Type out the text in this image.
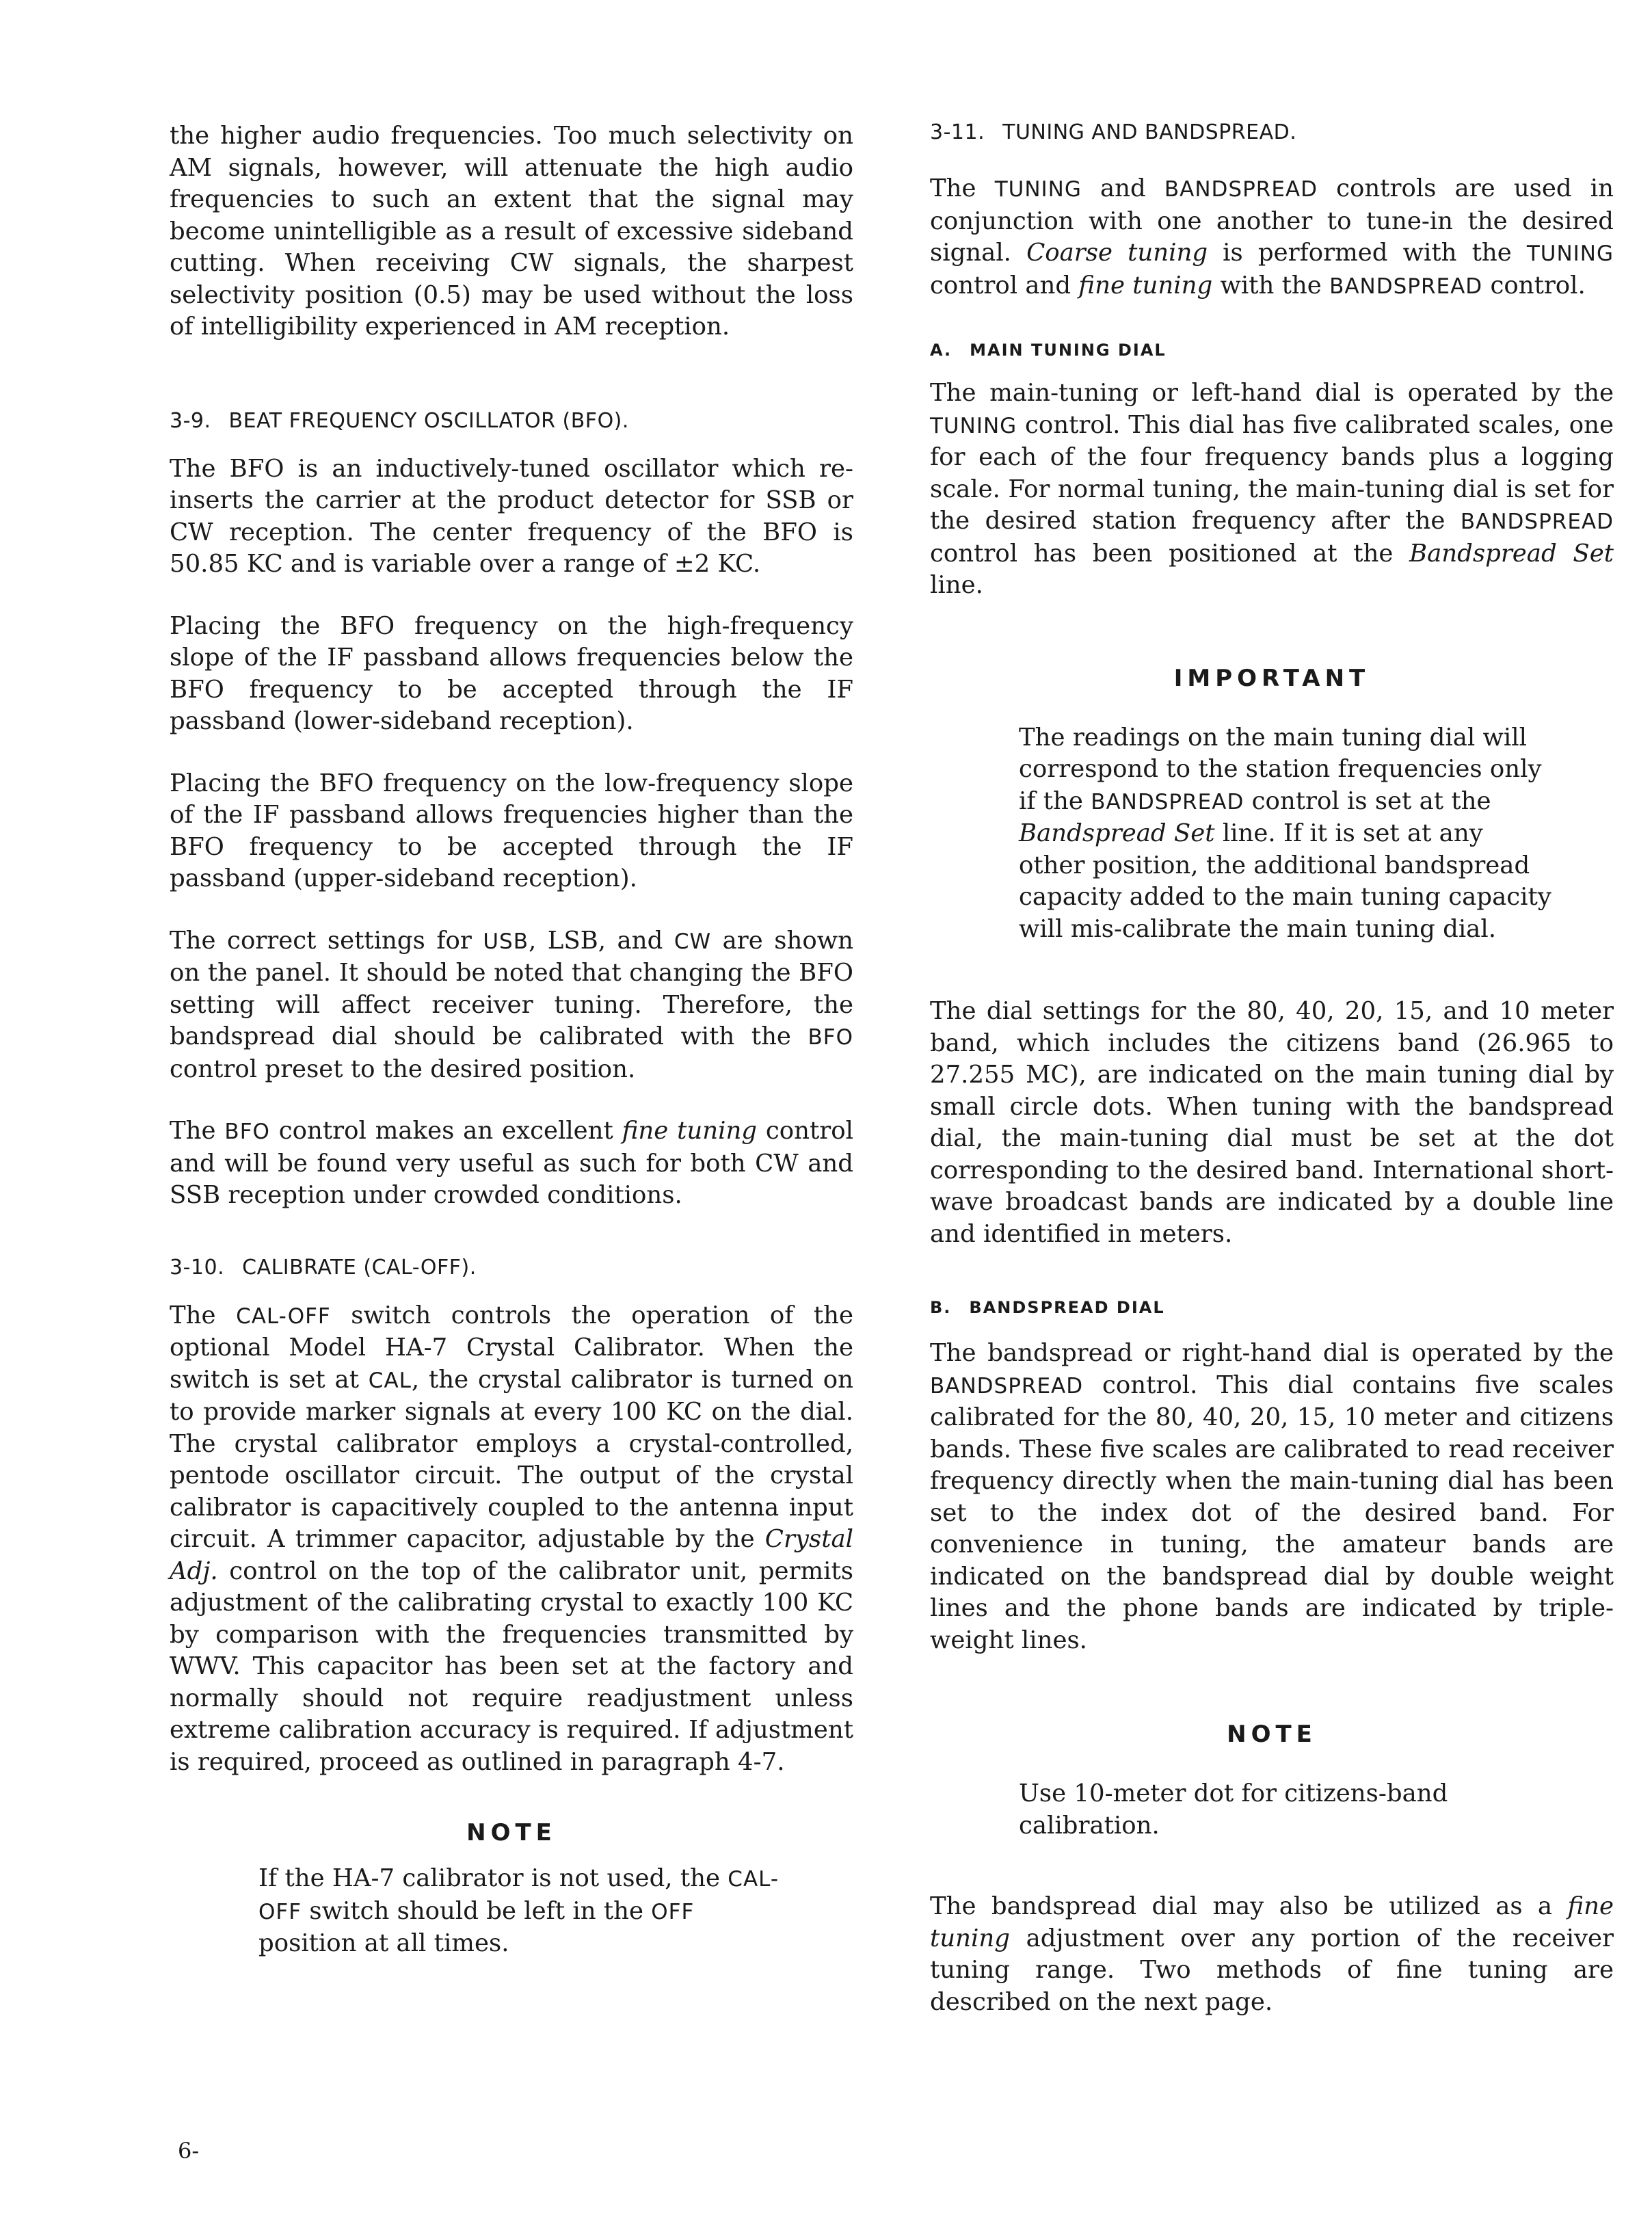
the higher audio frequencies. Too much selectivity on AM signals, however, will attenuate the high audio frequencies to such an extent that the signal may become unintelligible as a result of excessive sideband cutting. When receiving CW signals, the sharpest selectivity position (0.5) may be used without the loss of intelligibility experienced in AM reception.

3-9. BEAT FREQUENCY OSCILLATOR (BFO).

The BFO is an inductively-tuned oscillator which re-inserts the carrier at the product detector for SSB or CW reception. The center frequency of the BFO is 50.85 KC and is variable over a range of ±2 KC.

Placing the BFO frequency on the high-frequency slope of the IF passband allows frequencies below the BFO frequency to be accepted through the IF passband (lower-sideband reception).

Placing the BFO frequency on the low-frequency slope of the IF passband allows frequencies higher than the BFO frequency to be accepted through the IF passband (upper-sideband reception).

The correct settings for USB, LSB, and CW are shown on the panel. It should be noted that changing the BFO setting will affect receiver tuning. Therefore, the bandspread dial should be calibrated with the BFO control preset to the desired position.

The BFO control makes an excellent fine tuning control and will be found very useful as such for both CW and SSB reception under crowded conditions.

3-10. CALIBRATE (CAL-OFF).

The CAL-OFF switch controls the operation of the optional Model HA-7 Crystal Calibrator. When the switch is set at CAL, the crystal calibrator is turned on to provide marker signals at every 100 KC on the dial. The crystal calibrator employs a crystal-controlled, pentode oscillator circuit. The output of the crystal calibrator is capacitively coupled to the antenna input circuit. A trimmer capacitor, adjustable by the Crystal Adj. control on the top of the calibrator unit, permits adjustment of the calibrating crystal to exactly 100 KC by comparison with the frequencies transmitted by WWV. This capacitor has been set at the factory and normally should not require readjustment unless extreme calibration accuracy is required. If adjustment is required, proceed as outlined in paragraph 4-7.

NOTE

If the HA-7 calibrator is not used, the CAL-OFF switch should be left in the OFF position at all times.

3-11. TUNING AND BANDSPREAD.

The TUNING and BANDSPREAD controls are used in conjunction with one another to tune-in the desired signal. Coarse tuning is performed with the TUNING control and fine tuning with the BANDSPREAD control.

A. MAIN TUNING DIAL

The main-tuning or left-hand dial is operated by the TUNING control. This dial has five calibrated scales, one for each of the four frequency bands plus a logging scale. For normal tuning, the main-tuning dial is set for the desired station frequency after the BANDSPREAD control has been positioned at the Bandspread Set line.

IMPORTANT

The readings on the main tuning dial will correspond to the station frequencies only if the BANDSPREAD control is set at the Bandspread Set line. If it is set at any other position, the additional bandspread capacity added to the main tuning capacity will mis-calibrate the main tuning dial.

The dial settings for the 80, 40, 20, 15, and 10 meter band, which includes the citizens band (26.965 to 27.255 MC), are indicated on the main tuning dial by small circle dots. When tuning with the bandspread dial, the main-tuning dial must be set at the dot corresponding to the desired band. International short-wave broadcast bands are indicated by a double line and identified in meters.

B. BANDSPREAD DIAL

The bandspread or right-hand dial is operated by the BANDSPREAD control. This dial contains five scales calibrated for the 80, 40, 20, 15, 10 meter and citizens bands. These five scales are calibrated to read receiver frequency directly when the main-tuning dial has been set to the index dot of the desired band. For convenience in tuning, the amateur bands are indicated on the bandspread dial by double weight lines and the phone bands are indicated by triple-weight lines.

NOTE

Use 10-meter dot for citizens-band calibration.

The bandspread dial may also be utilized as a fine tuning adjustment over any portion of the receiver tuning range. Two methods of fine tuning are described on the next page.

6-
